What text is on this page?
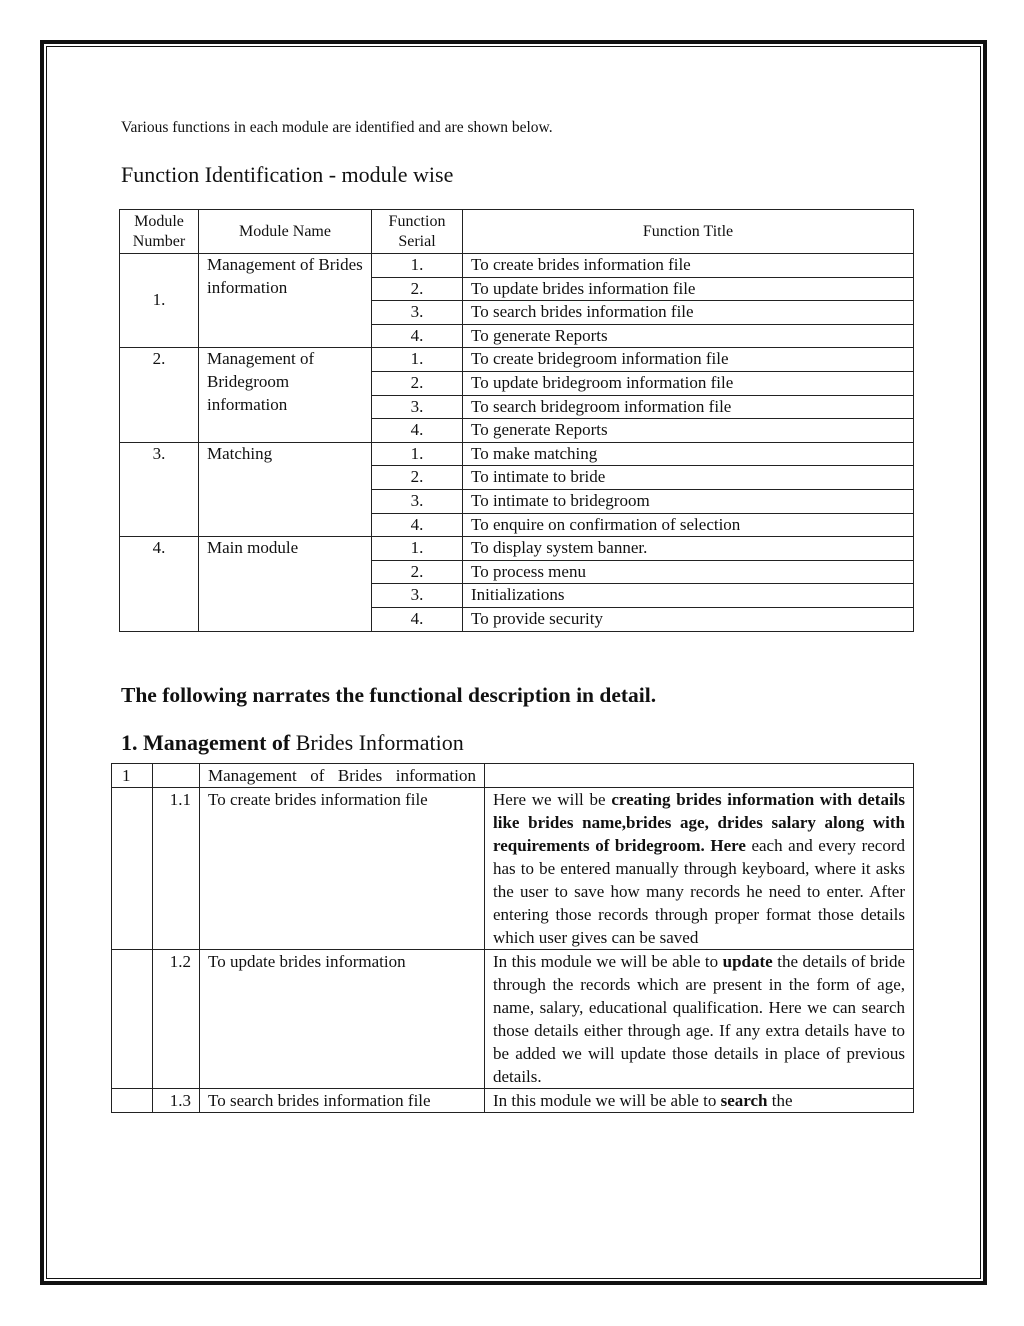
Various functions in each module are identified and are shown below.

Function Identification - module wise
Module Number	Module Name	Function Serial	Function Title
1.	Management of Brides information	1.	To create brides information file
		2.	To update brides information file
		3.	To search brides information file
		4.	To generate Reports
2.	Management of Bridegroom information	1.	To create bridegroom information file
		2.	To update bridegroom information file
		3.	To search bridegroom information file
		4.	To generate Reports
3.	Matching	1.	To make matching
		2.	To intimate to bride
		3.	To intimate to bridegroom
		4.	To enquire on confirmation of selection
4.	Main module	1.	To display system banner.
		2.	To process menu
		3.	Initializations
		4.	To provide security
The following narrates the functional description in detail.
1. Management of Brides Information
1		Management of Brides information	

	1.1	To create brides information file	Here we will be creating brides information with details like brides name,brides age, drides salary along with requirements of bridegroom. Here each and every record has to be entered manually through keyboard, where it asks the user to save how many records he need to enter. After entering those records through proper format those details which user gives can be saved
	1.2	To update brides information	In this module we will be able to update the details of bride through the records which are present in the form of age, name, salary, educational qualification. Here we can search those details either through age. If any extra details have to be added we will update those details in place of previous details.
	1.3	To search brides information file	In this module we will be able to search the
